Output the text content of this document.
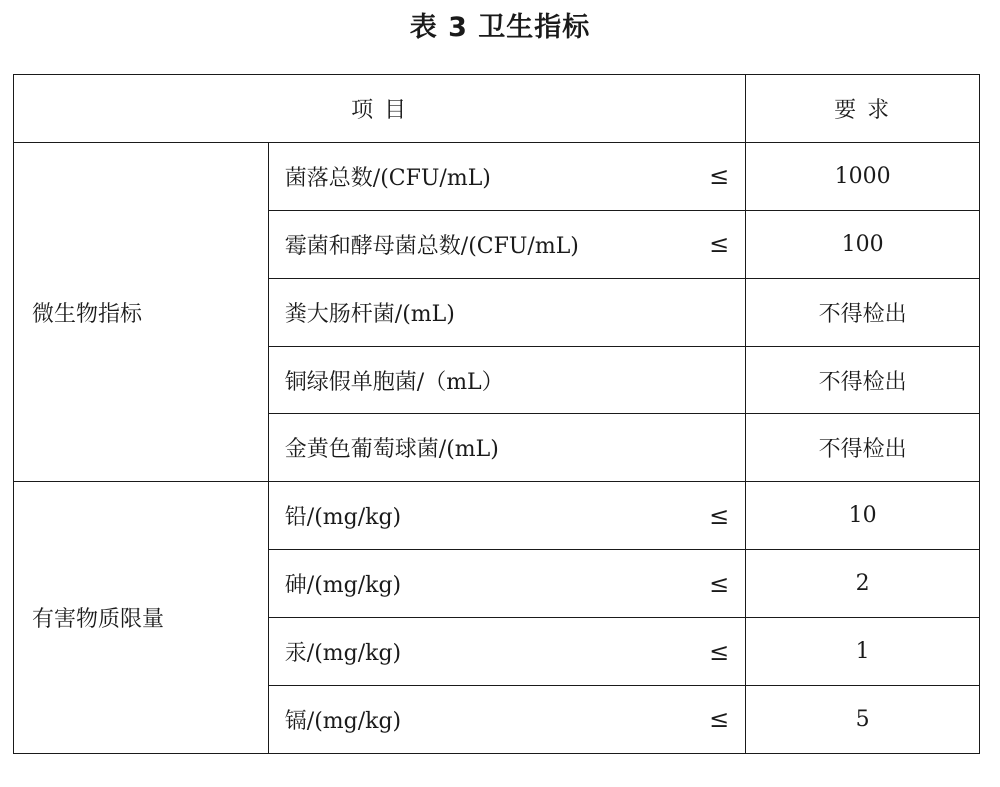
表 3 卫生指标
项 目		要 求
微生物指标	菌落总数/(CFU/mL) ≤	1000
	霉菌和酵母菌总数/(CFU/mL) ≤	100
	粪大肠杆菌/(mL)	不得检出
	铜绿假单胞菌/（mL）	不得检出
	金黄色葡萄球菌/(mL)	不得检出
有害物质限量	铅/(mg/kg) ≤	10
	砷/(mg/kg) ≤	2
	汞/(mg/kg) ≤	1
	镉/(mg/kg) ≤	5
